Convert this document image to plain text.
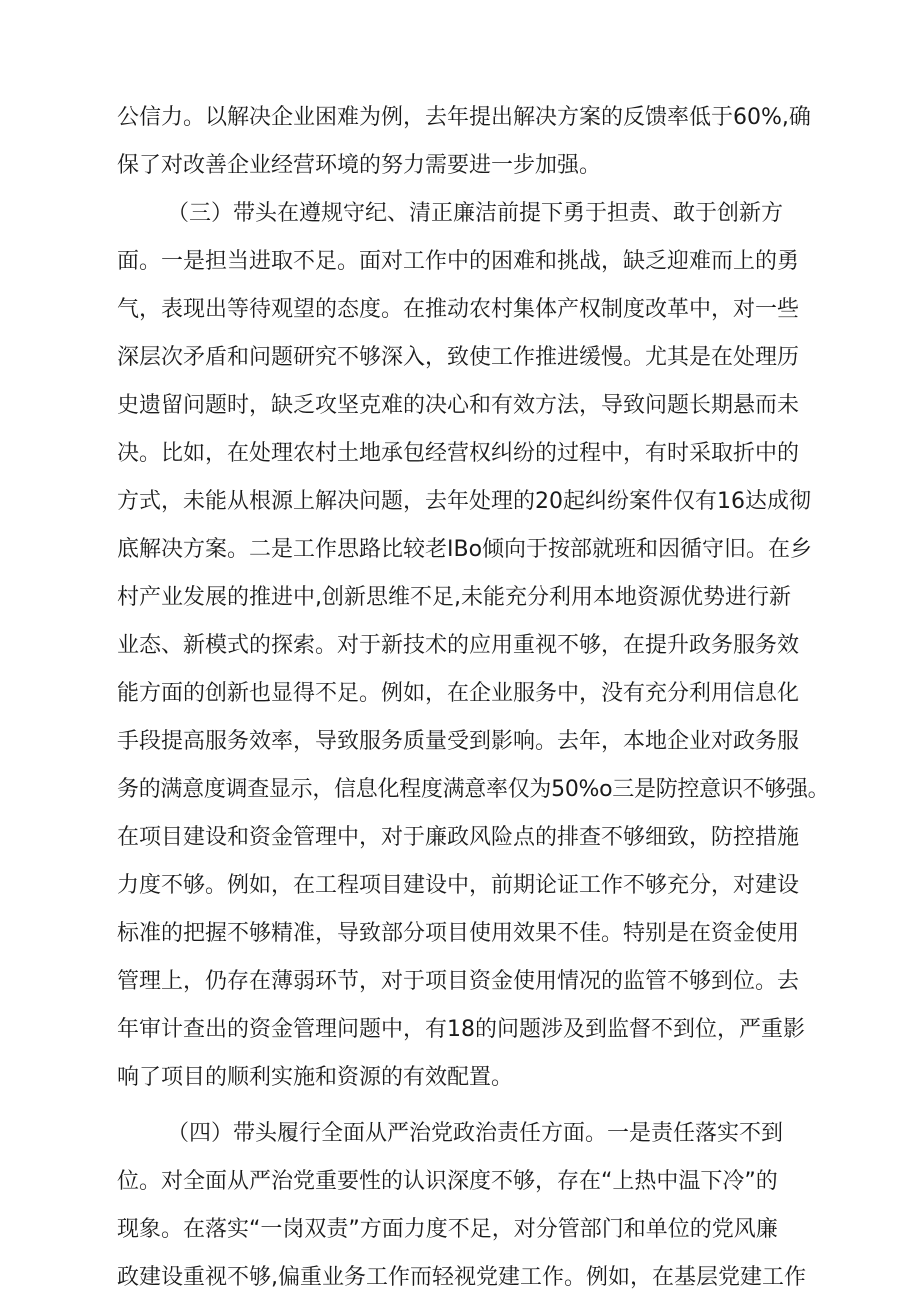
公信力。以解决企业困难为例，去年提出解决方案的反馈率低于60%,确
保了对改善企业经营环境的努力需要进一步加强。
（三）带头在遵规守纪、清正廉洁前提下勇于担责、敢于创新方
面。一是担当进取不足。面对工作中的困难和挑战，缺乏迎难而上的勇
气，表现出等待观望的态度。在推动农村集体产权制度改革中，对一些
深层次矛盾和问题研究不够深入，致使工作推进缓慢。尤其是在处理历
史遗留问题时，缺乏攻坚克难的决心和有效方法，导致问题长期悬而未
决。比如，在处理农村土地承包经营权纠纷的过程中，有时采取折中的
方式，未能从根源上解决问题，去年处理的20起纠纷案件仅有16达成彻
底解决方案。二是工作思路比较老IBo倾向于按部就班和因循守旧。在乡
村产业发展的推进中,创新思维不足,未能充分利用本地资源优势进行新
业态、新模式的探索。对于新技术的应用重视不够，在提升政务服务效
能方面的创新也显得不足。例如，在企业服务中，没有充分利用信息化
手段提高服务效率，导致服务质量受到影响。去年，本地企业对政务服
务的满意度调查显示，信息化程度满意率仅为50%o三是防控意识不够强。
在项目建设和资金管理中，对于廉政风险点的排查不够细致，防控措施
力度不够。例如，在工程项目建设中，前期论证工作不够充分，对建设
标准的把握不够精准，导致部分项目使用效果不佳。特别是在资金使用
管理上，仍存在薄弱环节，对于项目资金使用情况的监管不够到位。去
年审计查出的资金管理问题中，有18的问题涉及到监督不到位，严重影
响了项目的顺利实施和资源的有效配置。
（四）带头履行全面从严治党政治责任方面。一是责任落实不到
位。对全面从严治党重要性的认识深度不够，存在“上热中温下冷”的
现象。在落实“一岗双责”方面力度不足，对分管部门和单位的党风廉
政建设重视不够,偏重业务工作而轻视党建工作。例如，在基层党建工作
